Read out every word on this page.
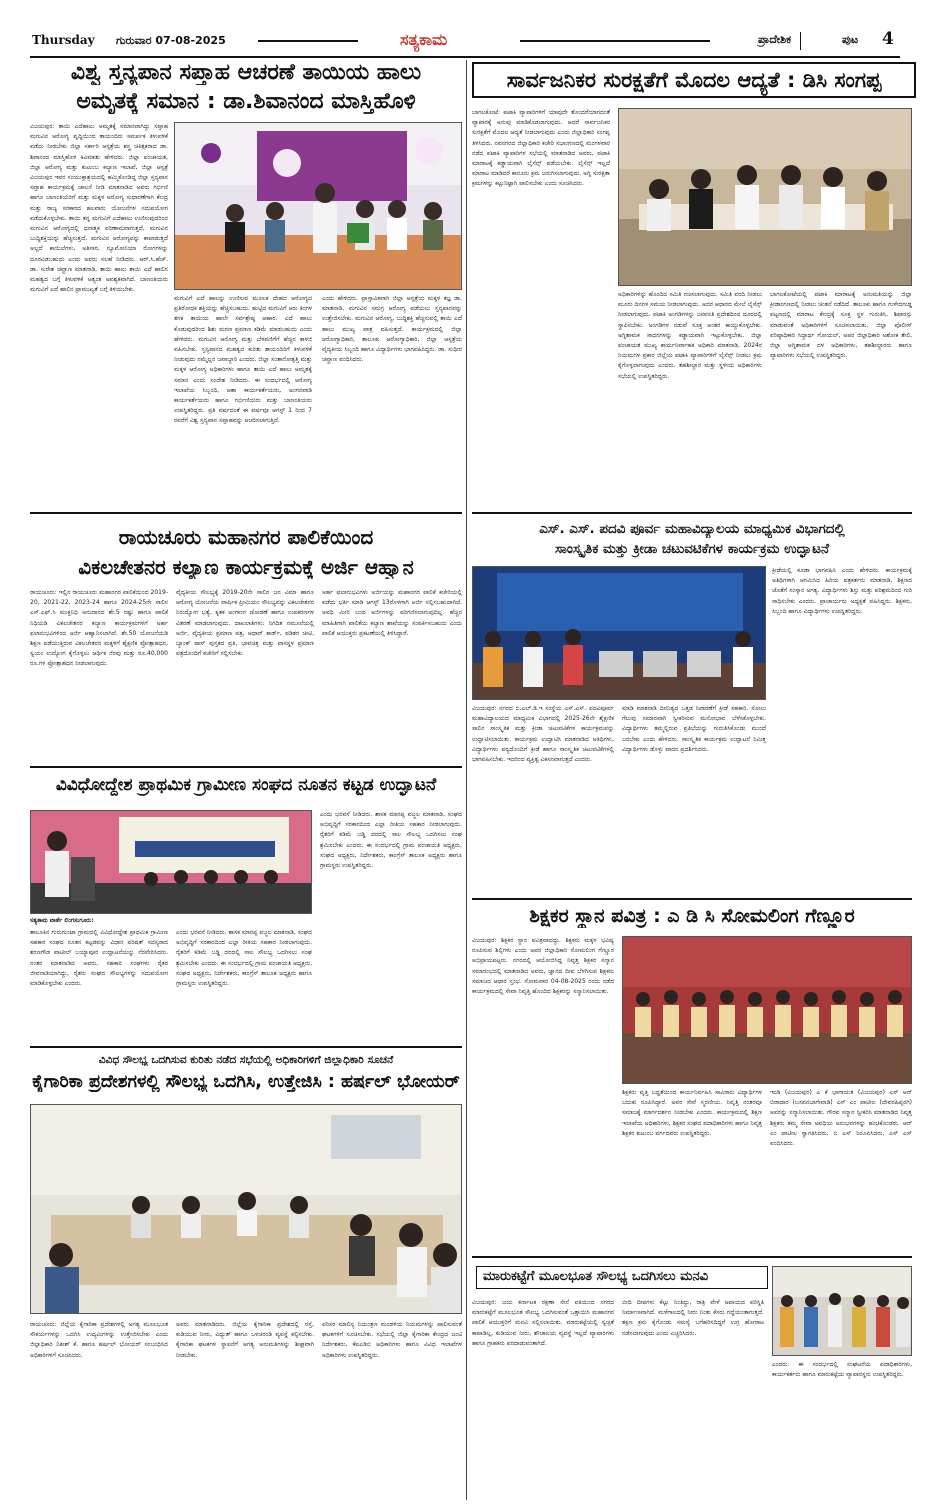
Thursday ಗುರುವಾರ 07-08-2025	ಸತ್ಯಕಾಮ	ಪ್ರಾದೇಶಿಕ	ಪುಟ 4
ವಿಶ್ವ ಸ್ತನ್ಯಪಾನ ಸಪ್ತಾಹ ಆಚರಣೆ ತಾಯಿಯ ಹಾಲು
ಅಮೃತಕ್ಕೆ ಸಮಾನ : ಡಾ.ಶಿವಾನಂದ ಮಾಸ್ತಿಹೊಳಿ
ವಿಜಯಪುರ: ತಾಯಿ ಎದೆಹಾಲು ಅಮೃತಕ್ಕೆ ಸಮಾನವಾಗಿದ್ದು ಸಪ್ತಾಹ ಮಗುವಿನ ಆರೋಗ್ಯ ವೃದ್ಧಿಯಿಂದ ತಾಯಂದಿರು ಸಮರ್ಪಕ ತಿಳುವಳಿಕೆ ಪಡೆದು ನೀಡಬೇಕು ಜಿಲ್ಲಾ ಸರ್ಕಾರಿ ಆಸ್ಪತ್ರೆಯ ಶಸ್ತ್ರ ಚಿಕಿತ್ಸಕರಾದ ಡಾ. ಶಿವಾನಂದ ಮಾಸ್ತಿಹೊಳಿ ಕಿವಿಮಾತು ಹೇಳಿದರು. ಜಿಲ್ಲಾ ಪಂಚಾಯತ, ಜಿಲ್ಲಾ ಆರೋಗ್ಯ ಮತ್ತು ಕುಟುಂಬ ಕಲ್ಯಾಣ ಇಲಾಖೆ, ಜಿಲ್ಲಾ ಆಸ್ಪತ್ರೆ ವಿಜಯಪುರ ಇವರ ಸಂಯುಕ್ತಾಶ್ರಯದಲ್ಲಿ ಹಮ್ಮಿಕೊಂಡಿದ್ದ ಜಿಲ್ಲಾ ಸ್ತನ್ಯಪಾನ ಸಪ್ತಾಹ ಕಾರ್ಯಕ್ರಮಕ್ಕೆ ಚಾಲನೆ ನೀಡಿ ಮಾತನಾಡಿದ ಅವರು ಗರ್ಭಿಣಿ ಹಾಗೂ ಬಾಣಂತಿಯರಿಗೆ ಮತ್ತು ಮಕ್ಕಳ ಆರೋಗ್ಯ ಸುಧಾರಣೆಗಾಗಿ ಕೇಂದ್ರ ಮತ್ತು ರಾಜ್ಯ ಸರಕಾರದ ಹಲವಾರು ಯೋಜನೆಗಳ ಸದುಪಯೋಗ ಪಡೆದುಕೊಳ್ಳಬೇಕು. ತಾಯಿ ತನ್ನ ಮಗುವಿಗೆ ಎದೆಹಾಲು ಉಣಿಸುವುದರಿಂದ ಮಗುವಿನ ಆರೋಗ್ಯದಲ್ಲಿ ಧನಾತ್ಮಕ ಪರಿಣಾಮವಾಗುತ್ತದೆ, ಮಗುವಿನ ಬುದ್ಧಿಶಕ್ತಿಯನ್ನು ಹೆಚ್ಚಿಸುತ್ತದೆ, ಮಗುವಿನ ಆರೋಗ್ಯವನ್ನು ಕಾಪಾಡುತ್ತದೆ ಅಲ್ಲದೆ ಕಾಯಿಲೆಗಳು, ಅತಿಸಾರ, ನ್ಯೂಮೋನಿಯಾ ರೋಗಗಳನ್ನು ದೂರವಿಡಬಹುದು ಎಂದು ಅವರು ಸಲಹೆ ನೀಡಿದರು. ಆರ್.ಸಿ.ಹೆಚ್. ಡಾ. ಸುರೇಶ ಚವ್ಹಾಣ ಮಾತನಾಡಿ, ತಾಯಿ ಹಾಲು ತಾಯಿ ಎದೆ ಹಾಲಿನ ಮಹತ್ವದ ಬಗ್ಗೆ ತಿಳುವಳಿಕೆ ಅತ್ಯಂತ ಅವಶ್ಯಕವಾಗಿದೆ. ಬಾಣಂತಿಯರು ಮಗುವಿಗೆ ಎದೆ ಹಾಲಿನ ಪ್ರಾಮುಖ್ಯತೆ ಬಗ್ಗೆ ತಿಳಿಯಬೇಕು.
ಮಗುವಿಗೆ ಎದೆ ಹಾಲನ್ನು ಉಣಿಸುವ ಮೂಲಕ ದೇಹದ ಆರೋಗ್ಯದ ಪ್ರತಿರೋಧಕ ಶಕ್ತಿಯನ್ನು ಹೆಚ್ಚಿಸಬಹುದು. ಹುಟ್ಟಿದ ಮಗುವಿಗೆ ಆರು ತಿಂಗಳ ತನಕ ತಾಯಿಯ ಹಾಲೇ ಸರ್ವಶ್ರೇಷ್ಠ ಆಹಾರ. ಎದೆ ಹಾಲು ಕೊಡುವುದರಿಂದ ಶಿಶು ಮರಣ ಪ್ರಮಾಣ ಕಡಿಮೆ ಮಾಡಬಹುದು ಎಂದು ಹೇಳಿದರು. ಮಗುವಿನ ಆರೋಗ್ಯ ಮತ್ತು ಬೆಳವಣಿಗೆಗೆ ಹೆಚ್ಚಿನ ಕಾಳಜಿ ವಹಿಸಬೇಕು. ಸ್ತನ್ಯಪಾನದ ಮಹತ್ವದ ಕುರಿತು ತಾಯಂದಿರಿಗೆ ತಿಳುವಳಿಕೆ ನೀಡುವುದು ನಮ್ಮೆಲ್ಲರ ಜವಾಬ್ದಾರಿ ಎಂದರು. ಜಿಲ್ಲಾ ಸಂತಾನೋತ್ಪತ್ತಿ ಮತ್ತು ಮಕ್ಕಳ ಆರೋಗ್ಯ ಅಧಿಕಾರಿಗಳು ಹಾಗೂ ತಾಯಿ ಎದೆ ಹಾಲು ಅಮೃತಕ್ಕೆ ಸಮಾನ ಎಂದು ಸಂದೇಶ ನೀಡಿದರು. ಈ ಸಂದರ್ಭದಲ್ಲಿ ಆರೋಗ್ಯ ಇಲಾಖೆಯ ಸಿಬ್ಬಂದಿ, ಆಶಾ ಕಾರ್ಯಕರ್ತೆಯರು, ಅಂಗನವಾಡಿ ಕಾರ್ಯಕರ್ತೆಯರು ಹಾಗೂ ಗರ್ಭಿಣಿಯರು ಮತ್ತು ಬಾಣಂತಿಯರು ಉಪಸ್ಥಿತರಿದ್ದರು. ಪ್ರತಿ ವರ್ಷದಂತೆ ಈ ವರ್ಷವೂ ಆಗಸ್ಟ್ 1 ರಿಂದ 7 ರವರೆಗೆ ವಿಶ್ವ ಸ್ತನ್ಯಪಾನ ಸಪ್ತಾಹವನ್ನು ಆಚರಿಸಲಾಗುತ್ತಿದೆ.
ಎಂದು ಹೇಳಿದರು. ಪ್ರಾಸ್ತಾವಿಕವಾಗಿ ಜಿಲ್ಲಾ ಆಸ್ಪತ್ರೆಯ ಮಕ್ಕಳ ತಜ್ಞ ಡಾ. ಮಾತನಾಡಿ, ಮಗುವಿನ ಸಮಗ್ರ ಆರೋಗ್ಯ ಪಡೆಯಲು ಸ್ತನ್ಯಪಾನವನ್ನು ಉತ್ತೇಜಿಸಬೇಕು. ಮಗುವಿನ ಆರೋಗ್ಯ, ಬುದ್ಧಿಶಕ್ತಿ ಹೆಚ್ಚಿಸುವಲ್ಲಿ ತಾಯಿ ಎದೆ ಹಾಲು ಮುಖ್ಯ ಪಾತ್ರ ವಹಿಸುತ್ತದೆ. ಕಾರ್ಯಕ್ರಮದಲ್ಲಿ ಜಿಲ್ಲಾ ಆರೋಗ್ಯಾಧಿಕಾರಿ, ತಾಲೂಕು ಆರೋಗ್ಯಾಧಿಕಾರಿ, ಜಿಲ್ಲಾ ಆಸ್ಪತ್ರೆಯ ವೈದ್ಯಕೀಯ ಸಿಬ್ಬಂದಿ ಹಾಗೂ ವಿದ್ಯಾರ್ಥಿಗಳು ಭಾಗವಹಿಸಿದ್ದರು. ಡಾ. ಸುಧೀರ ಚವ್ಹಾಣ ವಂದಿಸಿದರು.
ಸಾರ್ವಜನಿಕರ ಸುರಕ್ಷತೆಗೆ ಮೊದಲ ಆದ್ಯತೆ : ಡಿಸಿ ಸಂಗಪ್ಪ
ಬಾಗಲಕೋಟೆ: ಪಟಾಕಿ ವ್ಯಾಪಾರಿಗಳಿಗೆ ಯಾವುದೇ ತೊಂದರೆಯಾಗದಂತೆ ವ್ಯಾಪಾರಕ್ಕೆ ಅನುವು ಮಾಡಿಕೊಡಲಾಗುವುದು. ಆದರೆ ಸಾರ್ವಜನಿಕರ ಸುರಕ್ಷತೆಗೆ ಮೊದಲ ಆದ್ಯತೆ ನೀಡಲಾಗುವುದು ಎಂದು ಜಿಲ್ಲಾಧಿಕಾರಿ ಸಂಗಪ್ಪ ತಿಳಿಸಿದರು. ನವನಗರದ ಜಿಲ್ಲಾಧಿಕಾರಿ ಕಚೇರಿ ಸಭಾಂಗಣದಲ್ಲಿ ಮಂಗಳವಾರ ನಡೆದ ಪಟಾಕಿ ವ್ಯಾಪಾರಿಗಳ ಸಭೆಯಲ್ಲಿ ಮಾತನಾಡಿದ ಅವರು, ಪಟಾಕಿ ಮಾರಾಟಕ್ಕೆ ಕಡ್ಡಾಯವಾಗಿ ಲೈಸೆನ್ಸ್ ಪಡೆಯಬೇಕು. ಲೈಸೆನ್ಸ್ ಇಲ್ಲದೆ ಮಾರಾಟ ಮಾಡಿದರೆ ಕಾನೂನು ಕ್ರಮ ಜರುಗಿಸಲಾಗುವುದು. ಅಗ್ನಿ ಸುರಕ್ಷತಾ ಕ್ರಮಗಳನ್ನು ಕಟ್ಟುನಿಟ್ಟಾಗಿ ಪಾಲಿಸಬೇಕು ಎಂದು ಸೂಚಿಸಿದರು.
ಅಧಿಕಾರಿಗಳನ್ನು ಹೊಂದಿದ ಸಮಿತಿ ರಚಿಸಲಾಗುವುದು. ಸಮಿತಿ ವರದಿ ನೀಡಲು ಮೂರು ದಿನಗಳ ಸಮಯ ನೀಡಲಾಗುವುದು. ಅದರ ಆಧಾರದ ಮೇಲೆ ಲೈಸೆನ್ಸ್ ನೀಡಲಾಗುವುದು. ಪಟಾಕಿ ಅಂಗಡಿಗಳನ್ನು ಜನವಸತಿ ಪ್ರದೇಶದಿಂದ ದೂರದಲ್ಲಿ ಸ್ಥಾಪಿಸಬೇಕು. ಅಂಗಡಿಗಳ ನಡುವೆ ಸೂಕ್ತ ಅಂತರ ಕಾಯ್ದುಕೊಳ್ಳಬೇಕು. ಅಗ್ನಿಶಾಮಕ ಸಾಧನಗಳನ್ನು ಕಡ್ಡಾಯವಾಗಿ ಇಟ್ಟುಕೊಳ್ಳಬೇಕು. ಜಿಲ್ಲಾ ಪಂಚಾಯತ ಮುಖ್ಯ ಕಾರ್ಯನಿರ್ವಾಹಕ ಅಧಿಕಾರಿ ಮಾತನಾಡಿ, 2024ರ ನಿಯಮಗಳ ಪ್ರಕಾರ ಜಿಲ್ಲೆಯ ಪಟಾಕಿ ವ್ಯಾಪಾರಿಗಳಿಗೆ ಲೈಸೆನ್ಸ್ ನೀಡಲು ಕ್ರಮ ಕೈಗೊಳ್ಳಲಾಗುವುದು ಎಂದರು. ತಹಶೀಲ್ದಾರ ಮತ್ತು ಸ್ಥಳೀಯ ಅಧಿಕಾರಿಗಳು ಸಭೆಯಲ್ಲಿ ಉಪಸ್ಥಿತರಿದ್ದರು.
ಬಾಗಲಕೋಟೆಯಲ್ಲಿ ಪಟಾಕಿ ಮಾರಾಟಕ್ಕೆ ಅನುಮತಿಯನ್ನು ಜಿಲ್ಲಾ ಕ್ರೀಡಾಂಗಣದಲ್ಲಿ ನೀಡಲು ಚಿಂತನೆ ನಡೆದಿದೆ. ತಾಲೂಕು ಹಾಗೂ ಗುಳೇದಗುಡ್ಡ ಪಟ್ಟಣದಲ್ಲಿ ಮಾರಾಟ ಕೇಂದ್ರಕ್ಕೆ ಸೂಕ್ತ ಸ್ಥಳ ಗುರುತಿಸಿ, ಶಿಫಾರಸ್ಸು ಮಾಡುವಂತೆ ಅಧಿಕಾರಿಗಳಿಗೆ ಸೂಚಿಸಲಾಯಿತು. ಜಿಲ್ಲಾ ಪೊಲೀಸ್ ವರಿಷ್ಠಾಧಿಕಾರಿ ಸಿದ್ಧಾರ್ಥ ಗೋಯಲ್, ಅಪರ ಜಿಲ್ಲಾಧಿಕಾರಿ ಅಶೋಕ ತೇಲಿ, ಜಿಲ್ಲಾ ಅಗ್ನಿಶಾಮಕ ದಳ ಅಧಿಕಾರಿಗಳು, ತಹಶೀಲ್ದಾರರು ಹಾಗೂ ವ್ಯಾಪಾರಿಗಳು ಸಭೆಯಲ್ಲಿ ಉಪಸ್ಥಿತರಿದ್ದರು.
ರಾಯಚೂರು ಮಹಾನಗರ ಪಾಲಿಕೆಯಿಂದ
ವಿಕಲಚೇತನರ ಕಲ್ಯಾಣ ಕಾರ್ಯಕ್ರಮಕ್ಕೆ ಅರ್ಜಿ ಆಹ್ವಾನ
ರಾಯಚೂರು: ಇಲ್ಲಿನ ರಾಯಚೂರು ಮಹಾನಗರ ಪಾಲಿಕೆಯಿಂದ 2019-20, 2021-22, 2023-24 ಹಾಗೂ 2024-25ನೇ ಸಾಲಿನ ಎಸ್.ಎಫ್.ಸಿ ಮುಕ್ತನಿಧಿ ಅನುದಾನದ ಶೇ.5 ರಷ್ಟು ಹಾಗೂ ಪಾಲಿಕೆ ನಿಧಿಯಡಿ ವಿಕಲಚೇತನರ ಕಲ್ಯಾಣ ಕಾರ್ಯಕ್ರಮಗಳಿಗೆ ಅರ್ಹ ಫಲಾನುಭವಿಗಳಿಂದ ಅರ್ಜಿ ಆಹ್ವಾನಿಸಲಾಗಿದೆ. ಶೇ.50 ಯೋಜನೆಯಡಿ ಶಿಕ್ಷಣ ಪಡೆಯುತ್ತಿರುವ ವಿಕಲಚೇತನರ ಮಕ್ಕಳಿಗೆ ಶೈಕ್ಷಣಿಕ ಪ್ರೋತ್ಸಾಹಧನ, ಸ್ವಯಂ ಉದ್ಯೋಗ ಕೈಗೊಳ್ಳಲು ಆರ್ಥಿಕ ನೆರವು ಮತ್ತು ರೂ.40,000 ರೂ.ಗಳ ಪ್ರೋತ್ಸಾಹಧನ ನೀಡಲಾಗುವುದು.
ವೈದ್ಯಕೀಯ ಸೌಲಭ್ಯಕ್ಕೆ 2019-20ನೇ ಸಾಲಿನ ಜನ ವಿಮಾ ಹಾಗೂ ಆರೋಗ್ಯ ಯೋಜನೆಯ ವಾರ್ಷಿಕ ಪ್ರೀಮಿಯಂ ಸೌಲಭ್ಯವನ್ನು ವಿಕಲಚೇತನರ ನಿರುದ್ಯೋಗ ಭತ್ಯೆ, ಕೃತಕ ಅಂಗಾಂಗ ಜೋಡಣೆ ಹಾಗೂ ಉಪಕರಣಗಳ ವಿತರಣೆ ಮಾಡಲಾಗುವುದು. ದಾಖಲಾತಿಗಳು: ನಿಗದಿತ ನಮೂನೆಯಲ್ಲಿ ಅರ್ಜಿ, ವೈದ್ಯಕೀಯ ಪ್ರಮಾಣ ಪತ್ರ, ಆಧಾರ್ ಕಾರ್ಡ್, ಪಡಿತರ ಚೀಟಿ, ಬ್ಯಾಂಕ್ ಪಾಸ್ ಪುಸ್ತಕದ ಪ್ರತಿ, ಭಾವಚಿತ್ರ ಮತ್ತು ವಾಸಸ್ಥಳ ಪ್ರಮಾಣ ಪತ್ರದೊಂದಿಗೆ ಕಚೇರಿಗೆ ಸಲ್ಲಿಸಬೇಕು.
ಅರ್ಹ ಫಲಾನುಭವಿಗಳು ಅರ್ಜಿಯನ್ನು ಮಹಾನಗರ ಪಾಲಿಕೆ ಕಚೇರಿಯಲ್ಲಿ ಪಡೆದು ಭರ್ತಿ ಮಾಡಿ ಆಗಸ್ಟ್ 13ರೊಳಗಾಗಿ ಅರ್ಜಿ ಸಲ್ಲಿಸಬಹುದಾಗಿದೆ. ಅವಧಿ ಮೀರಿ ಬಂದ ಅರ್ಜಿಗಳನ್ನು ಪರಿಗಣಿಸಲಾಗುವುದಿಲ್ಲ. ಹೆಚ್ಚಿನ ಮಾಹಿತಿಗಾಗಿ ಪಾಲಿಕೆಯ ಕಲ್ಯಾಣ ಶಾಖೆಯನ್ನು ಸಂಪರ್ಕಿಸಬಹುದು ಎಂದು ಪಾಲಿಕೆ ಆಯುಕ್ತರು ಪ್ರಕಟಣೆಯಲ್ಲಿ ತಿಳಿಸಿದ್ದಾರೆ.
ವಿವಿಧೋದ್ದೇಶ ಪ್ರಾಥಮಿಕ ಗ್ರಾಮೀಣ ಸಂಘದ ನೂತನ ಕಟ್ಟಡ ಉದ್ಘಾಟನೆ
ಸತ್ಯಕಾಮ ವಾರ್ತೆ ಲಿಂಗಸುಗೂರು:
ತಾಲೂಕಿನ ಗುರುಗುಂಟಾ ಗ್ರಾಮದಲ್ಲಿ ವಿವಿಧೋದ್ದೇಶ ಪ್ರಾಥಮಿಕ ಗ್ರಾಮೀಣ ಸಹಕಾರ ಸಂಘದ ನೂತನ ಕಟ್ಟಡವನ್ನು ವಿಧಾನ ಪರಿಷತ್ ಸದಸ್ಯರಾದ ಶರಣಗೌಡ ಪಾಟೀಲ್ ಬಯ್ಯಾಪೂರ ಉದ್ಘಾಟನೆಯನ್ನು ನೆರವೇರಿಸಿದರು. ನಂತರ ಮಾತನಾಡಿದ ಅವರು, ಸಹಕಾರಿ ಸಂಘಗಳು ರೈತರ ಜೀವನಾಡಿಯಾಗಿದ್ದು, ರೈತರು ಸಂಘದ ಸೌಲಭ್ಯಗಳನ್ನು ಸದುಪಯೋಗ ಮಾಡಿಕೊಳ್ಳಬೇಕು ಎಂದರು.
ಎಂದು ಭರವಸೆ ನೀಡಿದರು. ಶಾಸಕ ಮಾನಪ್ಪ ವಜ್ಜಲ ಮಾತನಾಡಿ, ಸಂಘದ ಅಭಿವೃದ್ಧಿಗೆ ಸರಕಾರದಿಂದ ಎಲ್ಲಾ ರೀತಿಯ ಸಹಕಾರ ನೀಡಲಾಗುವುದು. ರೈತರಿಗೆ ಕಡಿಮೆ ಬಡ್ಡಿ ದರದಲ್ಲಿ ಸಾಲ ಸೌಲಭ್ಯ ಒದಗಿಸಲು ಸಂಘ ಶ್ರಮಿಸಬೇಕು ಎಂದರು. ಈ ಸಂದರ್ಭದಲ್ಲಿ ಗ್ರಾಮ ಪಂಚಾಯತಿ ಅಧ್ಯಕ್ಷರು, ಸಂಘದ ಅಧ್ಯಕ್ಷರು, ನಿರ್ದೇಶಕರು, ಕಾಂಗ್ರೆಸ್ ತಾಲೂಕ ಅಧ್ಯಕ್ಷರು ಹಾಗೂ ಗ್ರಾಮಸ್ಥರು ಉಪಸ್ಥಿತರಿದ್ದರು.
ಎಂದು ಭರವಸೆ ನೀಡಿದರು. ಶಾಸಕ ಮಾನಪ್ಪ ವಜ್ಜಲ ಮಾತನಾಡಿ, ಸಂಘದ ಅಭಿವೃದ್ಧಿಗೆ ಸರಕಾರದಿಂದ ಎಲ್ಲಾ ರೀತಿಯ ಸಹಕಾರ ನೀಡಲಾಗುವುದು. ರೈತರಿಗೆ ಕಡಿಮೆ ಬಡ್ಡಿ ದರದಲ್ಲಿ ಸಾಲ ಸೌಲಭ್ಯ ಒದಗಿಸಲು ಸಂಘ ಶ್ರಮಿಸಬೇಕು ಎಂದರು. ಈ ಸಂದರ್ಭದಲ್ಲಿ ಗ್ರಾಮ ಪಂಚಾಯತಿ ಅಧ್ಯಕ್ಷರು, ಸಂಘದ ಅಧ್ಯಕ್ಷರು, ನಿರ್ದೇಶಕರು, ಕಾಂಗ್ರೆಸ್ ತಾಲೂಕ ಅಧ್ಯಕ್ಷರು ಹಾಗೂ ಗ್ರಾಮಸ್ಥರು ಉಪಸ್ಥಿತರಿದ್ದರು.
ವಿವಿಧ ಸೌಲಭ್ಯ ಒದಗಿಸುವ ಕುರಿತು ನಡೆದ ಸಭೆಯಲ್ಲಿ ಅಧಿಕಾರಿಗಳಿಗೆ ಜಿಲ್ಲಾಧಿಕಾರಿ ಸೂಚನೆ
ಕೈಗಾರಿಕಾ ಪ್ರದೇಶಗಳಲ್ಲಿ ಸೌಲಭ್ಯ ಒದಗಿಸಿ, ಉತ್ತೇಜಿಸಿ : ಹರ್ಷಲ್ ಭೋಯರ್
ರಾಯಚೂರು: ಜಿಲ್ಲೆಯ ಕೈಗಾರಿಕಾ ಪ್ರದೇಶಗಳಲ್ಲಿ ಅಗತ್ಯ ಮೂಲಭೂತ ಸೌಕರ್ಯಗಳನ್ನು ಒದಗಿಸಿ ಉದ್ಯಮಿಗಳನ್ನು ಉತ್ತೇಜಿಸಬೇಕು ಎಂದು ಜಿಲ್ಲಾಧಿಕಾರಿ ನಿತೀಶ್ ಕೆ. ಹಾಗೂ ಹರ್ಷಲ್ ಭೋಯರ್ ಸಂಬಂಧಿಸಿದ ಅಧಿಕಾರಿಗಳಿಗೆ ಸೂಚಿಸಿದರು.
ಅವರು ಮಾತನಾಡಿದರು. ಜಿಲ್ಲೆಯ ಕೈಗಾರಿಕಾ ಪ್ರದೇಶದಲ್ಲಿ ರಸ್ತೆ, ಕುಡಿಯುವ ನೀರು, ವಿದ್ಯುತ್ ಹಾಗೂ ಒಳಚರಂಡಿ ವ್ಯವಸ್ಥೆ ಕಲ್ಪಿಸಬೇಕು. ಕೈಗಾರಿಕಾ ಘಟಕಗಳ ಸ್ಥಾಪನೆಗೆ ಅಗತ್ಯ ಅನುಮತಿಗಳನ್ನು ಶೀಘ್ರವಾಗಿ ನೀಡಬೇಕು.
ಪರಿಸರ ಮಾಲಿನ್ಯ ನಿಯಂತ್ರಣ ಮಂಡಳಿಯ ನಿಯಮಗಳನ್ನು ಪಾಲಿಸುವಂತೆ ಘಟಕಗಳಿಗೆ ಸೂಚಿಸಬೇಕು. ಸಭೆಯಲ್ಲಿ ಜಿಲ್ಲಾ ಕೈಗಾರಿಕಾ ಕೇಂದ್ರದ ಜಂಟಿ ನಿರ್ದೇಶಕರು, ಕೆಐಎಡಿಬಿ ಅಧಿಕಾರಿಗಳು ಹಾಗೂ ವಿವಿಧ ಇಲಾಖೆಗಳ ಅಧಿಕಾರಿಗಳು ಉಪಸ್ಥಿತರಿದ್ದರು.
ಎಸ್. ಎಸ್. ಪದವಿ ಪೂರ್ವ ಮಹಾವಿದ್ಯಾಲಯ ಮಾಧ್ಯಮಿಕ ವಿಭಾಗದಲ್ಲಿ
ಸಾಂಸ್ಕೃತಿಕ ಮತ್ತು ಕ್ರೀಡಾ ಚಟುವಟಿಕೆಗಳ ಕಾರ್ಯಕ್ರಮ ಉದ್ಘಾಟನೆ
ಕ್ರೀಡೆಯಲ್ಲಿ ಕೂಡಾ ಭಾಗವಹಿಸಿ ಎಂದು ಹೇಳಿದರು. ಕಾರ್ಯಕ್ರಮಕ್ಕೆ ಅತಿಥಿಗಳಾಗಿ ಆಗಮಿಸಿದ ಹಿರಿಯ ಪತ್ರಕರ್ತರು ಮಾತನಾಡಿ, ಶಿಕ್ಷಣದ ಜೊತೆಗೆ ಸಂಸ್ಕಾರ ಅಗತ್ಯ. ವಿದ್ಯಾರ್ಥಿಗಳು ಶಿಸ್ತು ಮತ್ತು ಪರಿಶ್ರಮದಿಂದ ಗುರಿ ಸಾಧಿಸಬೇಕು ಎಂದರು. ಪ್ರಾಚಾರ್ಯರು ಅಧ್ಯಕ್ಷತೆ ವಹಿಸಿದ್ದರು. ಶಿಕ್ಷಕರು, ಸಿಬ್ಬಂದಿ ಹಾಗೂ ವಿದ್ಯಾರ್ಥಿಗಳು ಉಪಸ್ಥಿತರಿದ್ದರು.
ವಿಜಯಪುರ: ನಗರದ ಬಿ.ಎಲ್.ಡಿ.ಇ ಸಂಸ್ಥೆಯ ಎಸ್.ಎಸ್. ಪದವಿಪೂರ್ವ ಮಹಾವಿದ್ಯಾಲಯದ ಮಾಧ್ಯಮಿಕ ವಿಭಾಗದಲ್ಲಿ 2025-26ನೇ ಶೈಕ್ಷಣಿಕ ಸಾಲಿನ ಸಾಂಸ್ಕೃತಿಕ ಮತ್ತು ಕ್ರೀಡಾ ಚಟುವಟಿಕೆಗಳ ಕಾರ್ಯಕ್ರಮವನ್ನು ಉದ್ಘಾಟಿಸಲಾಯಿತು. ಕಾರ್ಯಕ್ರಮ ಉದ್ಘಾಟಿಸಿ ಮಾತನಾಡಿದ ಅತಿಥಿಗಳು, ವಿದ್ಯಾರ್ಥಿಗಳು ಪಠ್ಯದೊಂದಿಗೆ ಕ್ರೀಡೆ ಹಾಗೂ ಸಾಂಸ್ಕೃತಿಕ ಚಟುವಟಿಕೆಗಳಲ್ಲಿ ಭಾಗವಹಿಸಬೇಕು. ಇದರಿಂದ ವ್ಯಕ್ತಿತ್ವ ವಿಕಸನವಾಗುತ್ತದೆ ಎಂದರು.
ಮಾಡಿ ಮಾತನಾಡಿ ದಿನನಿತ್ಯದ ಒತ್ತಡ ನಿವಾರಣೆಗೆ ಕ್ರೀಡೆ ಸಹಕಾರಿ. ಸೋಲು ಗೆಲುವು ಸಮಾನವಾಗಿ ಸ್ವೀಕರಿಸುವ ಮನೋಭಾವ ಬೆಳೆಸಿಕೊಳ್ಳಬೇಕು. ವಿದ್ಯಾರ್ಥಿಗಳು ತಮ್ಮಲ್ಲಿರುವ ಪ್ರತಿಭೆಯನ್ನು ಗುರುತಿಸಿಕೊಂಡು ಮುಂದೆ ಬರಬೇಕು ಎಂದು ಹೇಳಿದರು. ಸಾಂಸ್ಕೃತಿಕ ಕಾರ್ಯಕ್ರಮ ಉದ್ಘಾಟನೆ ನಿಮಿತ್ತ ವಿದ್ಯಾರ್ಥಿಗಳು ಡೊಳ್ಳು ವಾದನ ಪ್ರದರ್ಶಿಸಿದರು.
ಶಿಕ್ಷಕರ ಸ್ಥಾನ ಪವಿತ್ರ : ಎ ಡಿ ಸಿ ಸೋಮಲಿಂಗ ಗೆಣ್ಣೂರ
ವಿಜಯಪುರ: ಶಿಕ್ಷಕರ ಸ್ಥಾನ ಪವಿತ್ರವಾದದ್ದು. ಶಿಕ್ಷಕರು ಮಕ್ಕಳ ಭವಿಷ್ಯ ರೂಪಿಸುವ ಶಿಲ್ಪಿಗಳು ಎಂದು ಅಪರ ಜಿಲ್ಲಾಧಿಕಾರಿ ಸೋಮಲಿಂಗ ಗೆಣ್ಣೂರ ಅಭಿಪ್ರಾಯಪಟ್ಟರು. ನಗರದಲ್ಲಿ ಆಯೋಜಿಸಿದ್ದ ನಿವೃತ್ತ ಶಿಕ್ಷಕರ ಸನ್ಮಾನ ಸಮಾರಂಭದಲ್ಲಿ ಮಾತನಾಡಿದ ಅವರು, ಜ್ಞಾನದ ದೀಪ ಬೆಳಗಿಸುವ ಶಿಕ್ಷಕರು ಸಮಾಜದ ಆಧಾರ ಸ್ತಂಭ. ಸೋಮವಾರ 04-08-2025 ರಂದು ನಡೆದ ಕಾರ್ಯಕ್ರಮದಲ್ಲಿ ಸೇವಾ ನಿವೃತ್ತಿ ಹೊಂದಿದ ಶಿಕ್ಷಕರನ್ನು ಸನ್ಮಾನಿಸಲಾಯಿತು.
ಶಿಕ್ಷಕರು ವೃತ್ತಿ ಬದ್ಧತೆಯಿಂದ ಕಾರ್ಯನಿರ್ವಹಿಸಿ ಸಾವಿರಾರು ವಿದ್ಯಾರ್ಥಿಗಳ ಬದುಕು ರೂಪಿಸಿದ್ದಾರೆ. ಅವರ ಸೇವೆ ಸ್ಮರಣೀಯ. ನಿವೃತ್ತಿ ನಂತರವೂ ಸಮಾಜಕ್ಕೆ ಮಾರ್ಗದರ್ಶನ ನೀಡಬೇಕು ಎಂದರು. ಕಾರ್ಯಕ್ರಮದಲ್ಲಿ ಶಿಕ್ಷಣ ಇಲಾಖೆಯ ಅಧಿಕಾರಿಗಳು, ಶಿಕ್ಷಕರ ಸಂಘದ ಪದಾಧಿಕಾರಿಗಳು ಹಾಗೂ ನಿವೃತ್ತ ಶಿಕ್ಷಕರ ಕುಟುಂಬ ವರ್ಗದವರು ಉಪಸ್ಥಿತರಿದ್ದರು.
ಇಂಡಿ (ವಿಜಯಪುರ) ಎ ಕೆ ಭಾಗಾಯತ (ವಿಜಯಪುರ) ಎಸ್ ಆರ್ ಬಿರಾದಾರ (ಬಸವನಬಾಗೇವಾಡಿ) ಎಸ್ ಎಂ ಪಾಟೀಲ (ದೇವರಹಿಪ್ಪರಗಿ) ಅವರನ್ನು ಸನ್ಮಾನಿಸಲಾಯಿತು. ಗೌರವ ಸನ್ಮಾನ ಸ್ವೀಕರಿಸಿ ಮಾತನಾಡಿದ ನಿವೃತ್ತ ಶಿಕ್ಷಕರು ತಮ್ಮ ಸೇವಾ ಅವಧಿಯ ಅನುಭವಗಳನ್ನು ಹಂಚಿಕೊಂಡರು. ಆರ್ ಎಂ ಪಾಟೀಲ ಸ್ವಾಗತಿಸಿದರು, ಬಿ ಎಸ್ ನಿರೂಪಿಸಿದರು, ಎಸ್ ಎಸ್ ವಂದಿಸಿದರು.
ಮಾರುಕಟ್ಟೆಗೆ ಮೂಲಭೂತ ಸೌಲಭ್ಯ ಒದಗಿಸಲು ಮನವಿ
ವಿಜಯಪುರ: ಜಯ ಕರ್ನಾಟಕ ರಕ್ಷಣಾ ಸೇನೆ ವತಿಯಿಂದ ನಗರದ ಮಾರುಕಟ್ಟೆಗೆ ಮೂಲಭೂತ ಸೌಲಭ್ಯ ಒದಗಿಸುವಂತೆ ಒತ್ತಾಯಿಸಿ ಮಹಾನಗರ ಪಾಲಿಕೆ ಆಯುಕ್ತರಿಗೆ ಮನವಿ ಸಲ್ಲಿಸಲಾಯಿತು. ಮಾರುಕಟ್ಟೆಯಲ್ಲಿ ಸ್ವಚ್ಛತೆ ಕಾಪಾಡಿಲ್ಲ, ಕುಡಿಯುವ ನೀರು, ಶೌಚಾಲಯ ವ್ಯವಸ್ಥೆ ಇಲ್ಲದೆ ವ್ಯಾಪಾರಿಗಳು ಹಾಗೂ ಗ್ರಾಹಕರು ಪರದಾಡುವಂತಾಗಿದೆ.
ಬೀದಿ ದೀಪಗಳು ಕೆಟ್ಟು ನಿಂತಿದ್ದು, ರಾತ್ರಿ ವೇಳೆ ಅಪಾಯದ ಪರಿಸ್ಥಿತಿ ನಿರ್ಮಾಣವಾಗಿದೆ. ಮಳೆಗಾಲದಲ್ಲಿ ನೀರು ನಿಂತು ಕೆಸರು ಗದ್ದೆಯಂತಾಗುತ್ತದೆ. ತಕ್ಷಣ ಕ್ರಮ ಕೈಗೊಂಡು ಸಮಸ್ಯೆ ಬಗೆಹರಿಸದಿದ್ದರೆ ಉಗ್ರ ಹೋರಾಟ ನಡೆಸಲಾಗುವುದು ಎಂದು ಎಚ್ಚರಿಸಿದರು.
ಎಂದರು. ಈ ಸಂದರ್ಭದಲ್ಲಿ ಸಂಘಟನೆಯ ಪದಾಧಿಕಾರಿಗಳು, ಕಾರ್ಯಕರ್ತರು ಹಾಗೂ ಮಾರುಕಟ್ಟೆಯ ವ್ಯಾಪಾರಸ್ಥರು ಉಪಸ್ಥಿತರಿದ್ದರು.
